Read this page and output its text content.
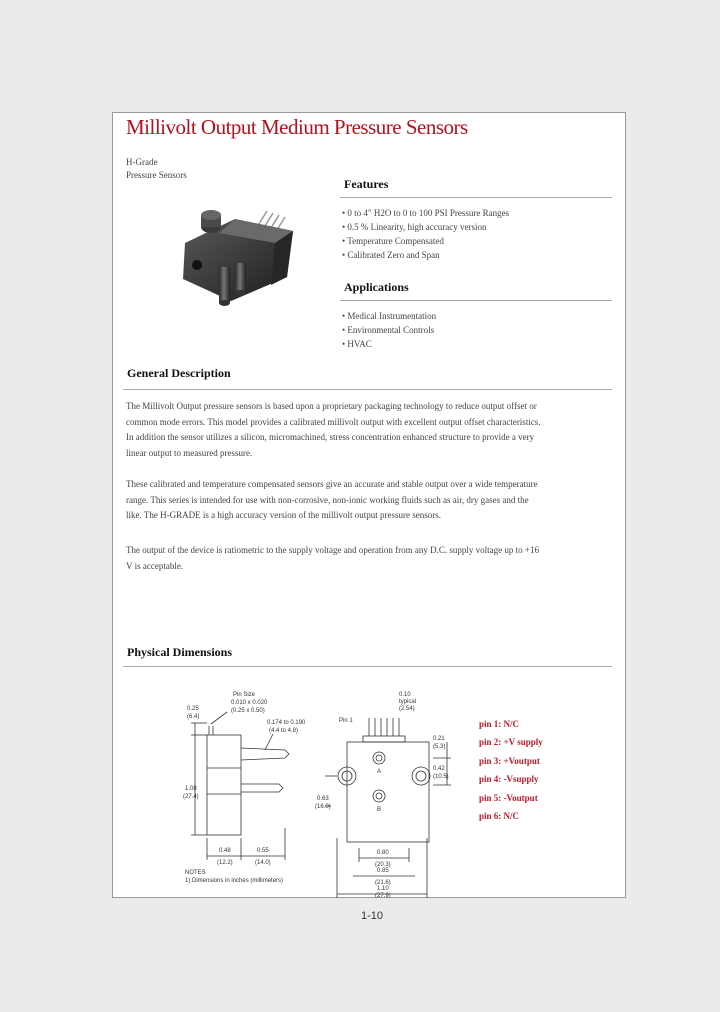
Millivolt Output Medium Pressure Sensors
H-Grade
Pressure Sensors
Features
• 0 to 4" H2O to 0 to 100 PSI Pressure Ranges
• 0.5 % Linearity, high accuracy version
• Temperature Compensated
• Calibrated Zero and Span
Applications
• Medical Instrumentation
• Environmental Controls
• HVAC
General Description

The Millivolt Output pressure sensors is based upon a proprietary packaging technology to reduce output offset or common mode errors. This model provides a calibrated millivolt output with excellent output offset characteristics. In addition the sensor utilizes a silicon, micromachined, stress concentration enhanced structure to provide a very linear output to measured pressure.

These calibrated and temperature compensated sensors give an accurate and stable output over a wide temperature range. This series is intended for use with non-corrosive, non-ionic working fluids such as air, dry gases and the like. The H-GRADE is a high accuracy version of the millivolt output pressure sensors.

The output of the device is ratiometric to the supply voltage and operation from any D.C. supply voltage up to +16 V is acceptable.

Physical Dimensions
0.25
(6.4)
Pin Size
0.010 x 0.020
(0.25 x 0.50)
0.174 to 0.190
(4.4 to 4.8)
1.08
(27.4)
0.48
(12.2)
0.55
(14.0)
NOTES
1) Dimensions in inches (millimeters)
0.10
typical
(2.54)
Pin 1
0.21
(5.3)
0.42
(10.5)
A
B
0.63
(16.0)
0.80
(20.3)
0.85
(21.6)
1.10
(27.9)
pin 1: N/C
pin 2: +V supply
pin 3: +Voutput
pin 4: -Vsupply
pin 5: -Voutput
pin 6: N/C
1-10
